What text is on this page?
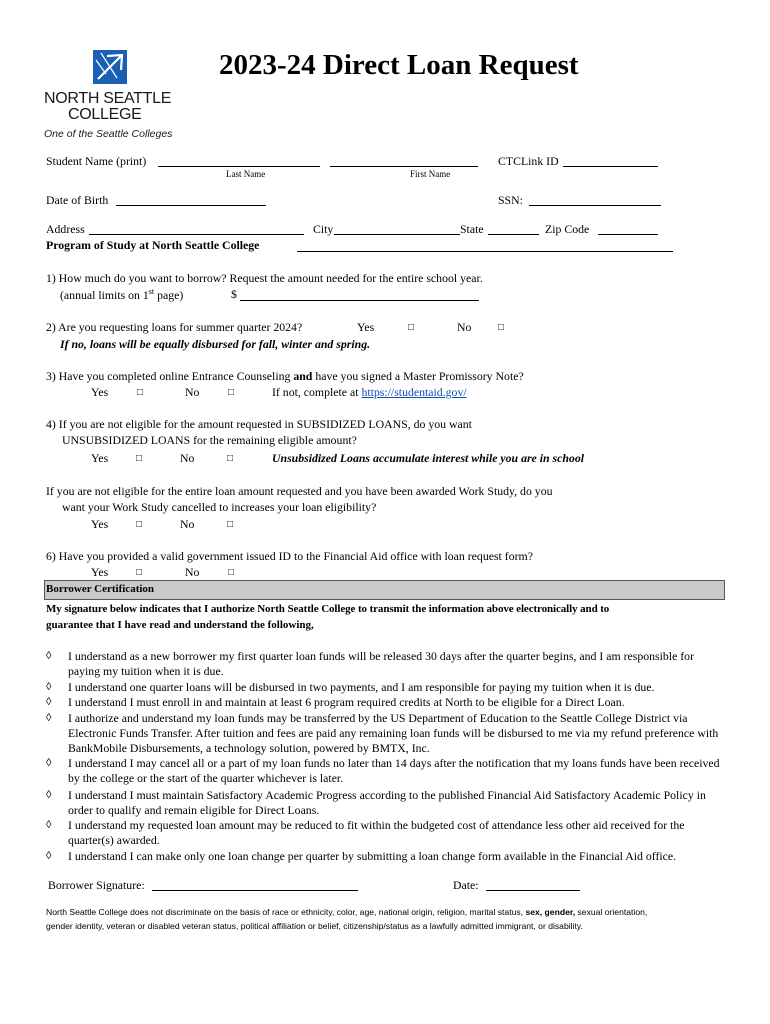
NORTH SEATTLE
COLLEGE
One of the Seattle Colleges
2023-24 Direct Loan Request
Student Name (print)
Last Name	First Name
CTCLink ID
Date of Birth	SSN:
Address	City	State	Zip Code
Program of Study at North Seattle College
1) How much do you want to borrow? Request the amount needed for the entire school year.
(annual limits on 1st page)	$
2) Are you requesting loans for summer quarter 2024?	Yes	□	No	□
If no, loans will be equally disbursed for fall, winter and spring.
3) Have you completed online Entrance Counseling and have you signed a Master Promissory Note?
Yes	□	No	□	If not, complete at https://studentaid.gov/
4) If you are not eligible for the amount requested in SUBSIDIZED LOANS, do you want
UNSUBSIDIZED LOANS for the remaining eligible amount?
Yes	□	No	□	Unsubsidized Loans accumulate interest while you are in school
If you are not eligible for the entire loan amount requested and you have been awarded Work Study, do you
want your Work Study cancelled to increases your loan eligibility?
Yes	□	No	□
6) Have you provided a valid government issued ID to the Financial Aid office with loan request form?
Yes	□	No	□
Borrower Certification
My signature below indicates that I authorize North Seattle College to transmit the information above electronically and to
guarantee that I have read and understand the following,
◊ I understand as a new borrower my first quarter loan funds will be released 30 days after the quarter begins, and I am responsible for paying my tuition when it is due.
◊ I understand one quarter loans will be disbursed in two payments, and I am responsible for paying my tuition when it is due.
◊ I understand I must enroll in and maintain at least 6 program required credits at North to be eligible for a Direct Loan.
◊ I authorize and understand my loan funds may be transferred by the US Department of Education to the Seattle College District via Electronic Funds Transfer. After tuition and fees are paid any remaining loan funds will be disbursed to me via my refund preference with BankMobile Disbursements, a technology solution, powered by BMTX, Inc.
◊ I understand I may cancel all or a part of my loan funds no later than 14 days after the notification that my loans funds have been received by the college or the start of the quarter whichever is later.
◊ I understand I must maintain Satisfactory Academic Progress according to the published Financial Aid Satisfactory Academic Policy in order to qualify and remain eligible for Direct Loans.
◊ I understand my requested loan amount may be reduced to fit within the budgeted cost of attendance less other aid received for the quarter(s) awarded.
◊ I understand I can make only one loan change per quarter by submitting a loan change form available in the Financial Aid office.
Borrower Signature:	Date:
North Seattle College does not discriminate on the basis of race or ethnicity, color, age, national origin, religion, marital status, sex, gender, sexual orientation,
gender identity, veteran or disabled veteran status, political affiliation or belief, citizenship/status as a lawfully admitted immigrant, or disability.
